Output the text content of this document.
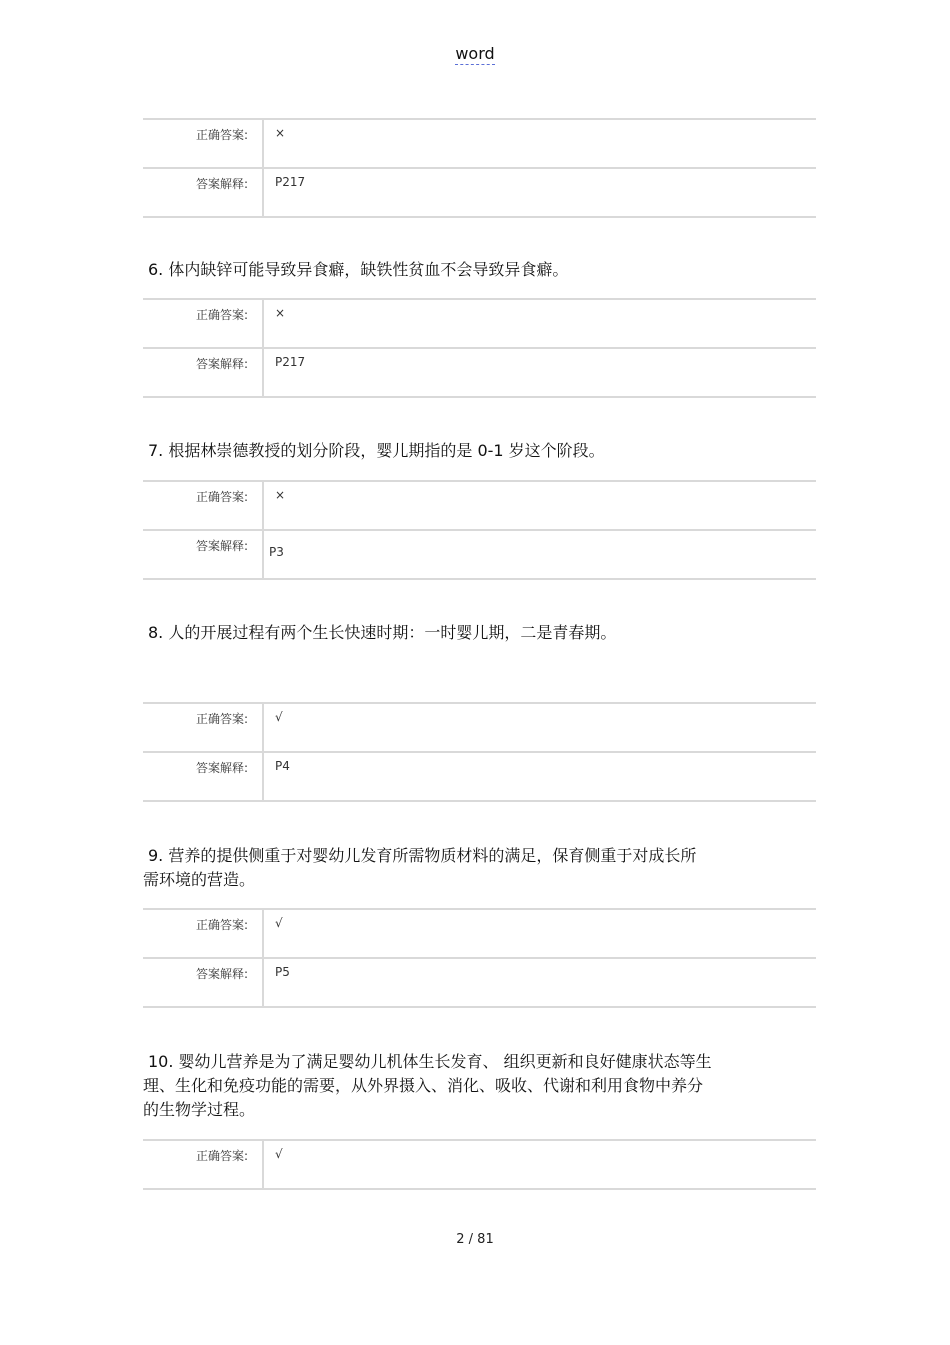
word
正确答案:	×
答案解释:	P217
6. 体内缺锌可能导致异食癖，缺铁性贫血不会导致异食癖。
正确答案:	×
答案解释:	P217
7. 根据林崇德教授的划分阶段，婴儿期指的是 0-1 岁这个阶段。
正确答案:	×
答案解释:	P3
8. 人的开展过程有两个生长快速时期：一时婴儿期，二是青春期。
正确答案:	√
答案解释:	P4
9. 营养的提供侧重于对婴幼儿发育所需物质材料的满足，保育侧重于对成长所
需环境的营造。
正确答案:	√
答案解释:	P5
10. 婴幼儿营养是为了满足婴幼儿机体生长发育、 组织更新和良好健康状态等生
理、生化和免疫功能的需要，从外界摄入、消化、吸收、代谢和利用食物中养分
的生物学过程。
正确答案:	√
2 / 81
